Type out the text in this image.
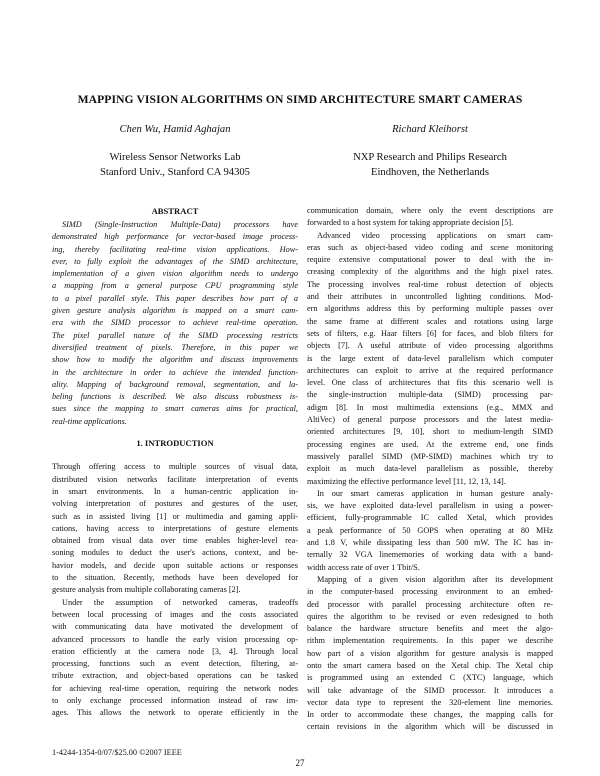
MAPPING VISION ALGORITHMS ON SIMD ARCHITECTURE SMART CAMERAS
Chen Wu, Hamid Aghajan	Richard Kleihorst
Wireless Sensor Networks Lab
Stanford Univ., Stanford CA 94305
NXP Research and Philips Research
Eindhoven, the Netherlands
ABSTRACT
SIMD (Single-Instruction Multiple-Data) processors have
demonstrated high performance for vector-based image process-
ing, thereby facilitating real-time vision applications. How-
ever, to fully exploit the advantages of the SIMD architecture,
implementation of a given vision algorithm needs to undergo
a mapping from a general purpose CPU programming style
to a pixel parallel style. This paper describes how part of a
given gesture analysis algorithm is mapped on a smart cam-
era with the SIMD processor to achieve real-time operation.
The pixel parallel nature of the SIMD processing restricts
diversified treatment of pixels. Therefore, in this paper we
show how to modify the algorithm and discuss improvements
in the architecture in order to achieve the intended function-
ality. Mapping of background removal, segmentation, and la-
beling functions is described. We also discuss robustness is-
sues since the mapping to smart cameras aims for practical,
real-time applications.
1. INTRODUCTION
Through offering access to multiple sources of visual data,
distributed vision networks facilitate interpretation of events
in smart environments. In a human-centric application in-
volving interpretation of postures and gestures of the user,
such as in assisted living [1] or multimedia and gaming appli-
cations, having access to interpretations of gesture elements
obtained from visual data over time enables higher-level rea-
soning modules to deduct the user's actions, context, and be-
havior models, and decide upon suitable actions or responses
to the situation. Recently, methods have been developed for
gesture analysis from multiple collaborating cameras [2].
Under the assumption of networked cameras, tradeoffs
between local processing of images and the costs associated
with communicating data have motivated the development of
advanced processors to handle the early vision processing op-
eration efficiently at the camera node [3, 4]. Through local
processing, functions such as event detection, filtering, at-
tribute extraction, and object-based operations can be tasked
for achieving real-time operation, requiring the network nodes
to only exchange processed information instead of raw im-
ages. This allows the network to operate efficiently in the
communication domain, where only the event descriptions are
forwarded to a host system for taking appropriate decision [5].
Advanced video processing applications on smart cam-
eras such as object-based video coding and scene monitoring
require extensive computational power to deal with the in-
creasing complexity of the algorithms and the high pixel rates.
The processing involves real-time robust detection of objects
and their attributes in uncontrolled lighting conditions. Mod-
ern algorithms address this by performing multiple passes over
the same frame at different scales and rotations using large
sets of filters, e.g. Haar filters [6] for faces, and blob filters for
objects [7]. A useful attribute of video processing algorithms
is the large extent of data-level parallelism which computer
architectures can exploit to arrive at the required performance
level. One class of architectures that fits this scenario well is
the single-instruction multiple-data (SIMD) processing par-
adigm [8]. In most multimedia extensions (e.g., MMX and
AltiVec) of general purpose processors and the latest media-
oriented architectures [9, 10], short to medium-length SIMD
processing engines are used. At the extreme end, one finds
massively parallel SIMD (MP-SIMD) machines which try to
exploit as much data-level parallelism as possible, thereby
maximizing the effective performance level [11, 12, 13, 14].
In our smart cameras application in human gesture analy-
sis, we have exploited data-level parallelism in using a power-
efficient, fully-programmable IC called Xetal, which provides
a peak performance of 50 GOPS when operating at 80 MHz
and 1.8 V, while dissipating less than 500 mW. The IC has in-
ternally 32 VGA linememories of working data with a band-
width access rate of over 1 Tbit/S.
Mapping of a given vision algorithm after its development
in the computer-based processing environment to an embed-
ded processor with parallel processing architecture often re-
quires the algorithm to be revised or even redesigned to both
balance the hardware structure benefits and meet the algo-
rithm implementation requirements. In this paper we describe
how part of a vision algorithm for gesture analysis is mapped
onto the smart camera based on the Xetal chip. The Xetal chip
is programmed using an extended C (XTC) language, which
will take advantage of the SIMD processor. It introduces a
vector data type to represent the 320-element line memories.
In order to accommodate these changes, the mapping calls for
certain revisions in the algorithm which will be discussed in
1-4244-1354-0/07/$25.00 ©2007 IEEE
27
